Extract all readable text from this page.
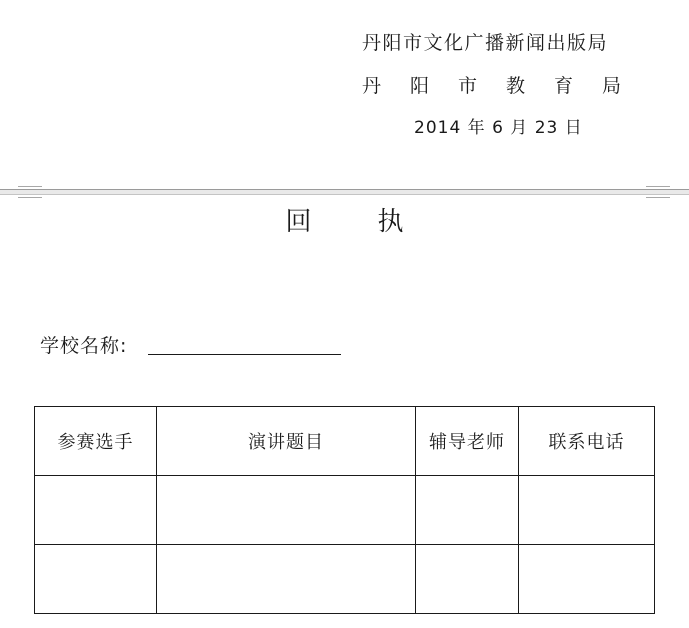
丹阳市文化广播新闻出版局
丹 阳 市 教 育 局
2014 年 6 月 23 日
回	执
学校名称:
参赛选手	演讲题目	辅导老师	联系电话
